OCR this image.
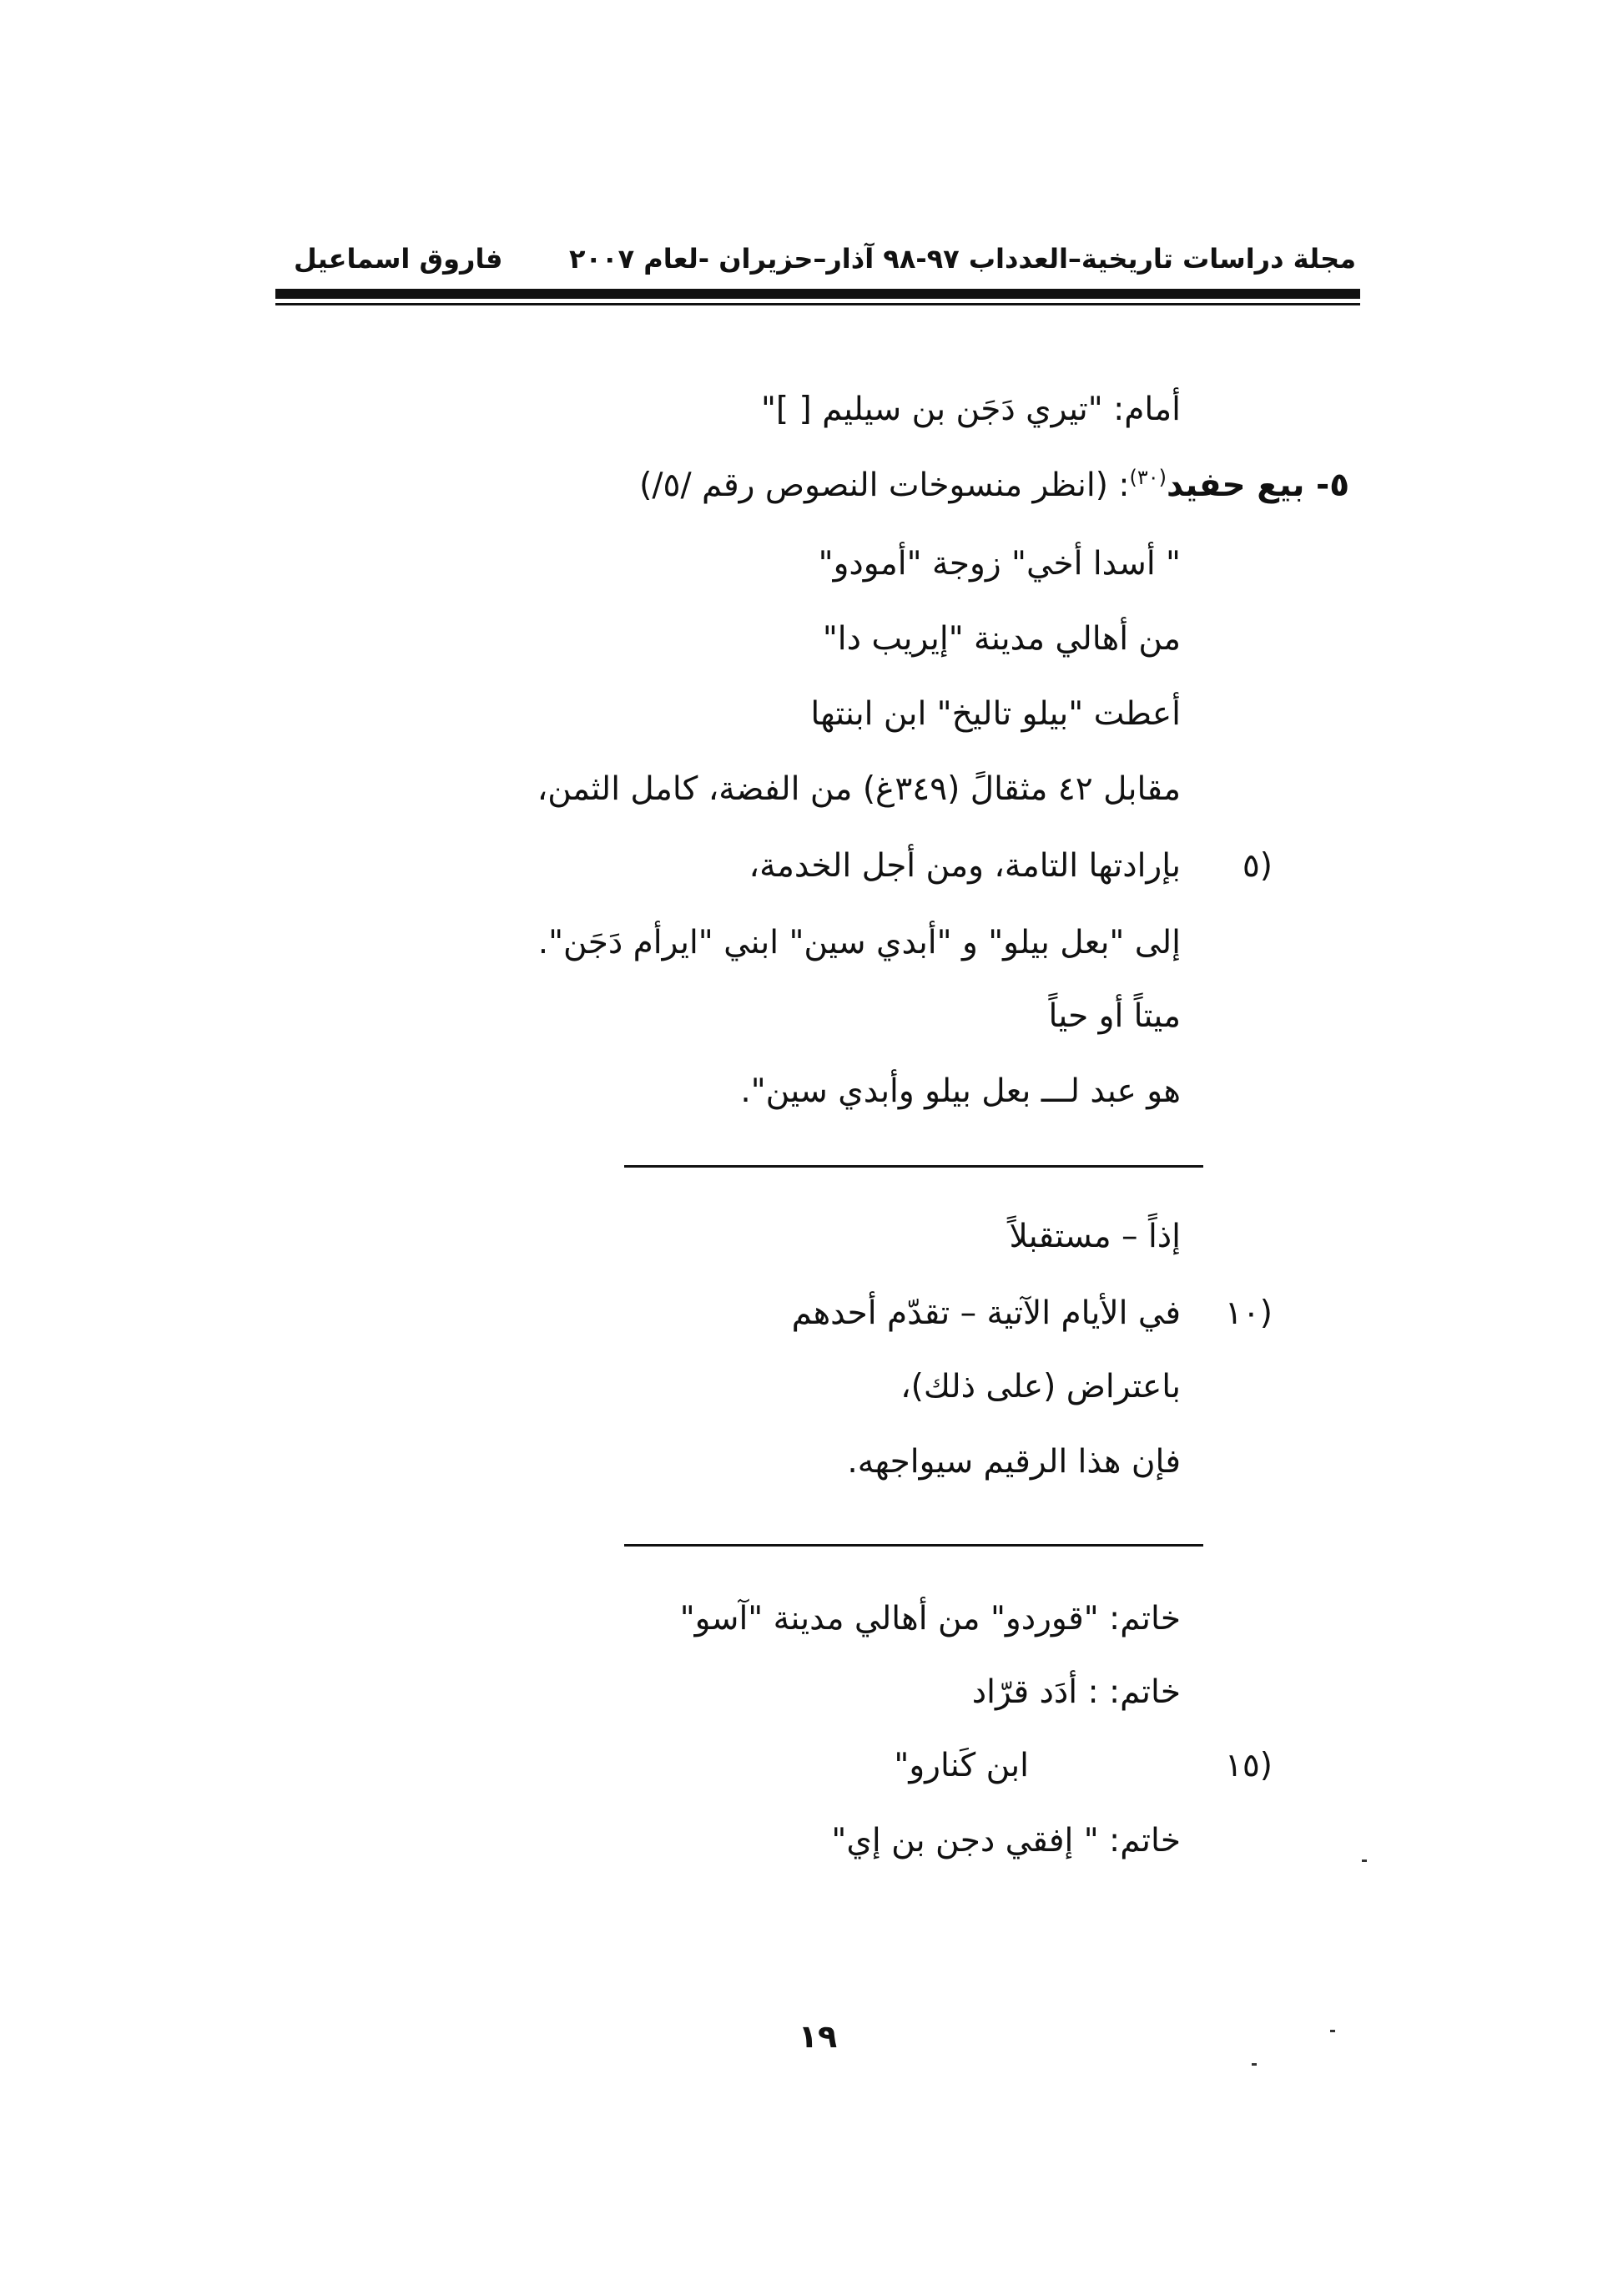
مجلة دراسات تاريخية–العدداب ٩٧-٩٨ آذار–حزيران -لعام ٢٠٠٧
فاروق اسماعيل
أمام: "تيري دَجَن بن سيليم [ ]"
٥- بيع حفيد$^{(٣٠)}$: (انظر منسوخات النصوص رقم /٥/)
" أسدا أخي" زوجة "أمودو"
من أهالي مدينة "إيريب دا"
أعطت "بيلو تاليخ" ابن ابنتها
مقابل ٤٢ مثقالً (٣٤٩غ) من الفضة، كامل الثمن،
٥)
بإرادتها التامة، ومن أجل الخدمة،
إلى "بعل بيلو" و "أبدي سين" ابني "ايرأم دَجَن".
ميتاً أو حياً
هو عبد لـــ بعل بيلو وأبدي سين".
إذاً – مستقبلاً
١٠)
في الأيام الآتية – تقدّم أحدهم
باعتراض (على ذلك)،
فإن هذا الرقيم سيواجهه.
خاتم: "قوردو" من أهالي مدينة "آسو"
خاتم: : أدَد قرّاد
١٥)
ابن كَنارو"
خاتم: " إفقي دجن بن إي"
١٩
